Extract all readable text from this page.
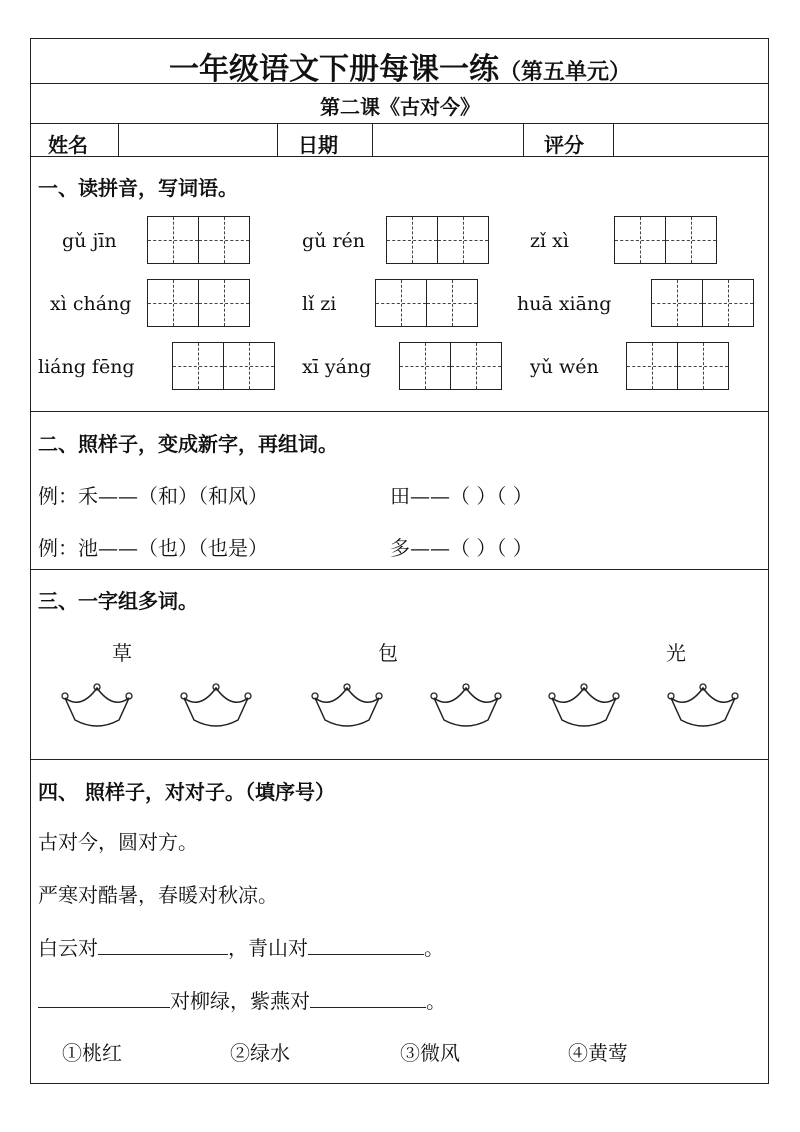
一年级语文下册每课一练（第五单元）
第二课《古对今》
姓名	日期	评分
一、读拼音，写词语。
gǔ jīn	gǔ rén	zǐ xì
xì cháng	lǐ zi	huā xiāng
liáng fēng	xī yáng	yǔ wén
二、照样子，变成新字，再组词。
例：禾——（和）（和风）	田——（ ）（ ）
例：池——（也）（也是）	多——（ ）（ ）
三、一字组多词。
草	包	光
四、 照样子，对对子。（填序号）
古对今，圆对方。
严寒对酷暑，春暖对秋凉。
白云对	，青山对	。
对柳绿，紫燕对	。
①桃红	②绿水	③微风	④黄莺
